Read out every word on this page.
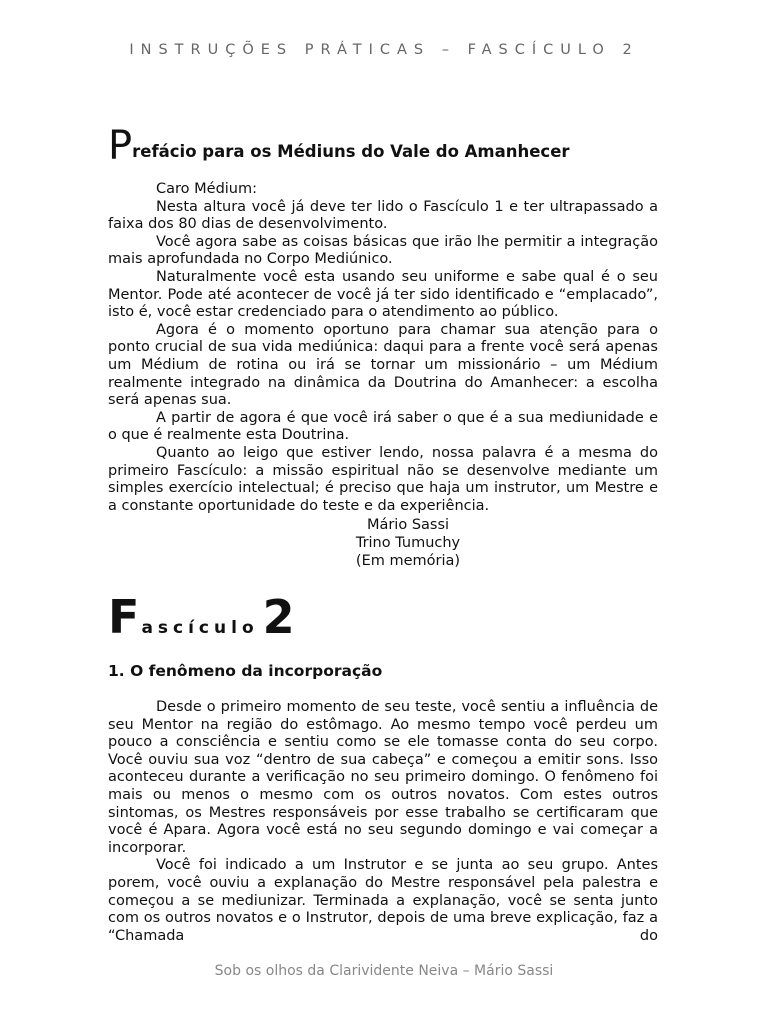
INSTRUÇÕES PRÁTICAS – FASCÍCULO 2
Prefácio para os Médiuns do Vale do Amanhecer

Caro Médium:

Nesta altura você já deve ter lido o Fascículo 1 e ter ultrapassado a faixa dos 80 dias de desenvolvimento.

Você agora sabe as coisas básicas que irão lhe permitir a integração mais aprofundada no Corpo Mediúnico.

Naturalmente você esta usando seu uniforme e sabe qual é o seu Mentor. Pode até acontecer de você já ter sido identificado e “emplacado”, isto é, você estar credenciado para o atendimento ao público.

Agora é o momento oportuno para chamar sua atenção para o ponto crucial de sua vida mediúnica: daqui para a frente você será apenas um Médium de rotina ou irá se tornar um missionário – um Médium realmente integrado na dinâmica da Doutrina do Amanhecer: a escolha será apenas sua.

A partir de agora é que você irá saber o que é a sua mediunidade e o que é realmente esta Doutrina.

Quanto ao leigo que estiver lendo, nossa palavra é a mesma do primeiro Fascículo: a missão espiritual não se desenvolve mediante um simples exercício intelectual; é preciso que haja um instrutor, um Mestre e a constante oportunidade do teste e da experiência.

Mário Sassi
Trino Tumuchy
(Em memória)
Fascículo2
1. O fenômeno da incorporação

Desde o primeiro momento de seu teste, você sentiu a influência de seu Mentor na região do estômago. Ao mesmo tempo você perdeu um pouco a consciência e sentiu como se ele tomasse conta do seu corpo. Você ouviu sua voz “dentro de sua cabeça” e começou a emitir sons. Isso aconteceu durante a verificação no seu primeiro domingo. O fenômeno foi mais ou menos o mesmo com os outros novatos. Com estes outros sintomas, os Mestres responsáveis por esse trabalho se certificaram que você é Apara. Agora você está no seu segundo domingo e vai começar a incorporar.

Você foi indicado a um Instrutor e se junta ao seu grupo. Antes porem, você ouviu a explanação do Mestre responsável pela palestra e começou a se mediunizar. Terminada a explanação, você se senta junto com os outros novatos e o Instrutor, depois de uma breve explicação, faz a “Chamada do

Sob os olhos da Clarividente Neiva – Mário Sassi
